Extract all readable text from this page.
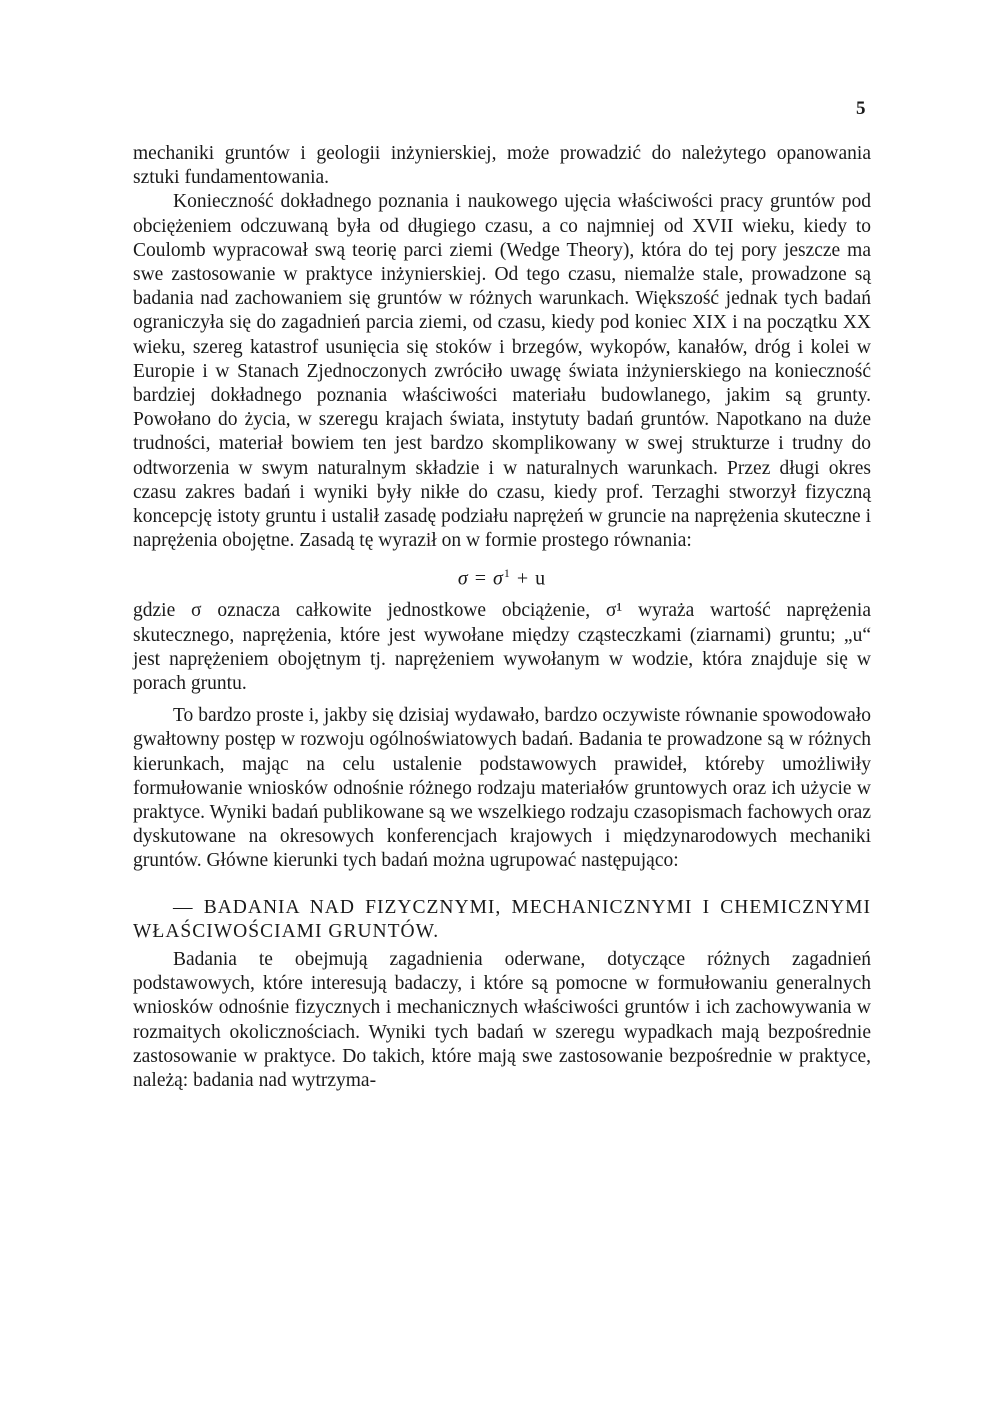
5

mechaniki gruntów i geologii inżynierskiej, może prowadzić do należytego opanowania sztuki fundamentowania.

Konieczność dokładnego poznania i naukowego ujęcia właściwości pracy gruntów pod obciężeniem odczuwaną była od długiego czasu, a co najmniej od XVII wieku, kiedy to Coulomb wypracował swą teorię parci ziemi (Wedge Theory), która do tej pory jeszcze ma swe zastosowanie w praktyce inżynierskiej. Od tego czasu, niemalże stale, prowadzone są badania nad zachowaniem się gruntów w różnych warunkach. Większość jednak tych badań ograniczyła się do zagadnień parcia ziemi, od czasu, kiedy pod koniec XIX i na początku XX wieku, szereg katastrof usunięcia się stoków i brzegów, wykopów, kanałów, dróg i kolei w Europie i w Stanach Zjednoczonych zwróciło uwagę świata inżynierskiego na konieczność bardziej dokładnego poznania właściwości materiału budowlanego, jakim są grunty. Powołano do życia, w szeregu krajach świata, instytuty badań gruntów. Napotkano na duże trudności, materiał bowiem ten jest bardzo skomplikowany w swej strukturze i trudny do odtworzenia w swym naturalnym składzie i w naturalnych warunkach. Przez długi okres czasu zakres badań i wyniki były nikłe do czasu, kiedy prof. Terzaghi stworzył fizyczną koncepcję istoty gruntu i ustalił zasadę podziału naprężeń w gruncie na naprężenia skuteczne i naprężenia obojętne. Zasadą tę wyraził on w formie prostego równania:

$\sigma = \sigma^1 + u$

gdzie σ oznacza całkowite jednostkowe obciążenie, σ¹ wyraża wartość naprężenia skutecznego, naprężenia, które jest wywołane między cząsteczkami (ziarnami) gruntu; „u“ jest naprężeniem obojętnym tj. naprężeniem wywołanym w wodzie, która znajduje się w porach gruntu.

To bardzo proste i, jakby się dzisiaj wydawało, bardzo oczywiste równanie spowodowało gwałtowny postęp w rozwoju ogólnoświatowych badań. Badania te prowadzone są w różnych kierunkach, mając na celu ustalenie podstawowych prawideł, któreby umożliwiły formułowanie wniosków odnośnie różnego rodzaju materiałów gruntowych oraz ich użycie w praktyce. Wyniki badań publikowane są we wszelkiego rodzaju czasopismach fachowych oraz dyskutowane na okresowych konferencjach krajowych i międzynarodowych mechaniki gruntów. Główne kierunki tych badań można ugrupować następująco:

— BADANIA NAD FIZYCZNYMI, MECHANICZNYMI I CHEMICZNYMI WŁAŚCIWOŚCIAMI GRUNTÓW.

Badania te obejmują zagadnienia oderwane, dotyczące różnych zagadnień podstawowych, które interesują badaczy, i które są pomocne w formułowaniu generalnych wniosków odnośnie fizycznych i mechanicznych właściwości gruntów i ich zachowywania w rozmaitych okolicznościach. Wyniki tych badań w szeregu wypadkach mają bezpośrednie zastosowanie w praktyce. Do takich, które mają swe zastosowanie bezpośrednie w praktyce, należą: badania nad wytrzyma-
